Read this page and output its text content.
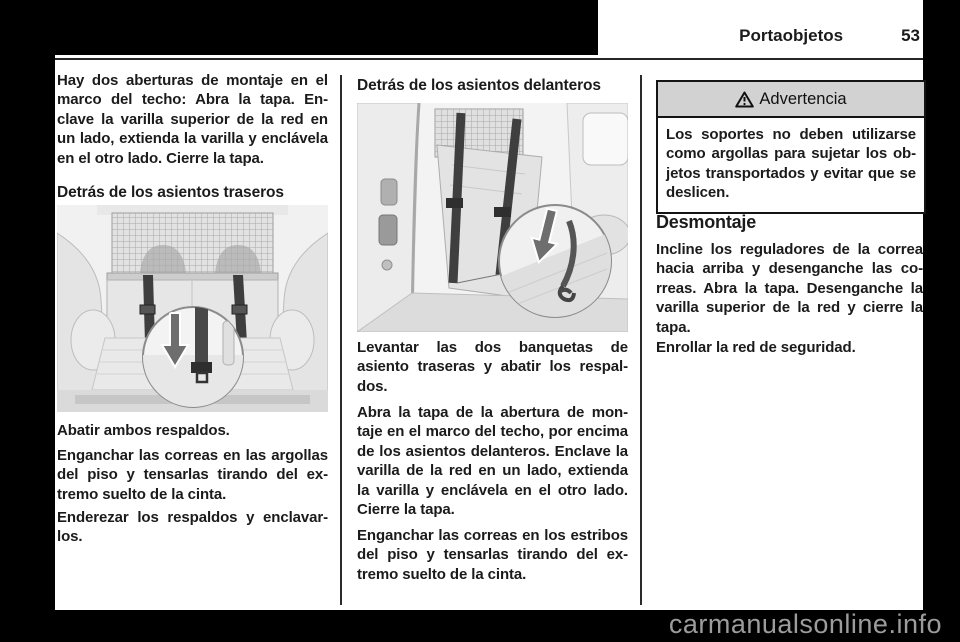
Portaobjetos	53
Hay dos aberturas de montaje en el
marco del techo: Abra la tapa. En-
clave la varilla superior de la red en
un lado, extienda la varilla y enclávela
en el otro lado. Cierre la tapa.
Detrás de los asientos traseros
Abatir ambos respaldos.
Enganchar las correas en las argollas
del piso y tensarlas tirando del ex-
tremo suelto de la cinta.
Enderezar los respaldos y enclavar-
los.
Detrás de los asientos delanteros
Levantar las dos banquetas de
asiento traseras y abatir los respal-
dos.
Abra la tapa de la abertura de mon-
taje en el marco del techo, por encima
de los asientos delanteros. Enclave la
varilla de la red en un lado, extienda
la varilla y enclávela en el otro lado.
Cierre la tapa.
Enganchar las correas en los estribos
del piso y tensarlas tirando del ex-
tremo suelto de la cinta.
Advertencia
Los soportes no deben utilizarse
como argollas para sujetar los ob-
jetos transportados y evitar que se
deslicen.
Desmontaje
Incline los reguladores de la correa
hacia arriba y desenganche las co-
rreas. Abra la tapa. Desenganche la
varilla superior de la red y cierre la
tapa.
Enrollar la red de seguridad.
carmanualsonline.info
